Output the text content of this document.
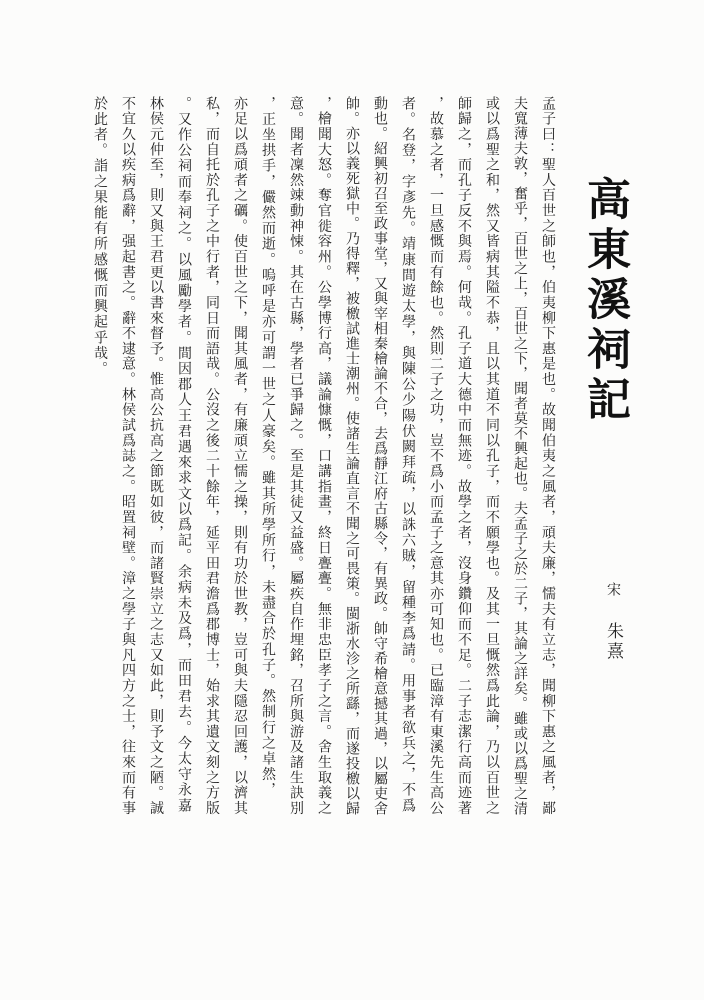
高東溪祠記
宋 朱熹
孟子曰：聖人百世之師也，伯夷柳下惠是也。故聞伯夷之風者，頑夫廉，懦夫有立志，聞柳下惠之風者，鄙
夫寬薄夫敦，奮乎，百世之上，百世之下，聞者莫不興起也。夫孟子之於二子，其論之詳矣。雖或以爲聖之清
或以爲聖之和，然又皆病其隘不恭，且以其道不同以孔子，而不願學也。及其一旦慨然爲此論，乃以百世之
師歸之，而孔子反不與焉。何哉。孔子道大德中而無迹。故學之者，沒身鑽仰而不足。二子志潔行高而迹著
，故慕之者，一旦感慨而有餘也。然則二子之功，豈不爲小而孟子之意其亦可知也。已臨漳有東溪先生高公
者。名登，字彥先。靖康間遊太學，與陳公少陽伏闕拜疏，以誅六賊，留種李爲請。用事者欲兵之，不爲
動也。紹興初召至政事堂，又與宰相秦檜論不合，去爲靜江府古縣令，有異政。帥守希檜意撼其過，以屬吏舍
帥。亦以義死獄中。乃得釋，被檄試進士潮州。使諸生論直言不聞之可畏策。閩浙水沴之所繇，而遂投檄以歸
，檜聞大怒。奪官徙容州。公學博行高，議論慷慨，口講指畫，終日亹亹。無非忠臣孝子之言。舍生取義之
意。聞者凜然竦動神悚。其在古縣，學者已爭歸之。至是其徒又益盛。屬疾自作埋銘，召所與游及諸生訣別
，正坐拱手，儼然而逝。嗚呼是亦可謂一世之人豪矣。雖其所學所行，未盡合於孔子。然制行之卓然，
亦足以爲頑者之礪。使百世之下，聞其風者，有廉頑立懦之操，則有功於世教，豈可與夫隱忍回護，以濟其
私，而自托於孔子之中行者，同日而語哉。公沒之後二十餘年，延平田君澹爲郡博士，始求其遺文刻之方版
。又作公祠而奉祠之。以風勵學者。間因郡人王君遇來求文以爲記。余病未及爲，而田君去。今太守永嘉
林侯元仲至，則又與王君更以書來督予。惟高公抗高之節既如彼，而諸賢崇立之志又如此，則予文之陋。誠
不宜久以疾病爲辭，强起書之。辭不逮意。林侯試爲誌之。昭置祠壁。漳之學子與凡四方之士，往來而有事
於此者。詣之果能有所感慨而興起乎哉。
